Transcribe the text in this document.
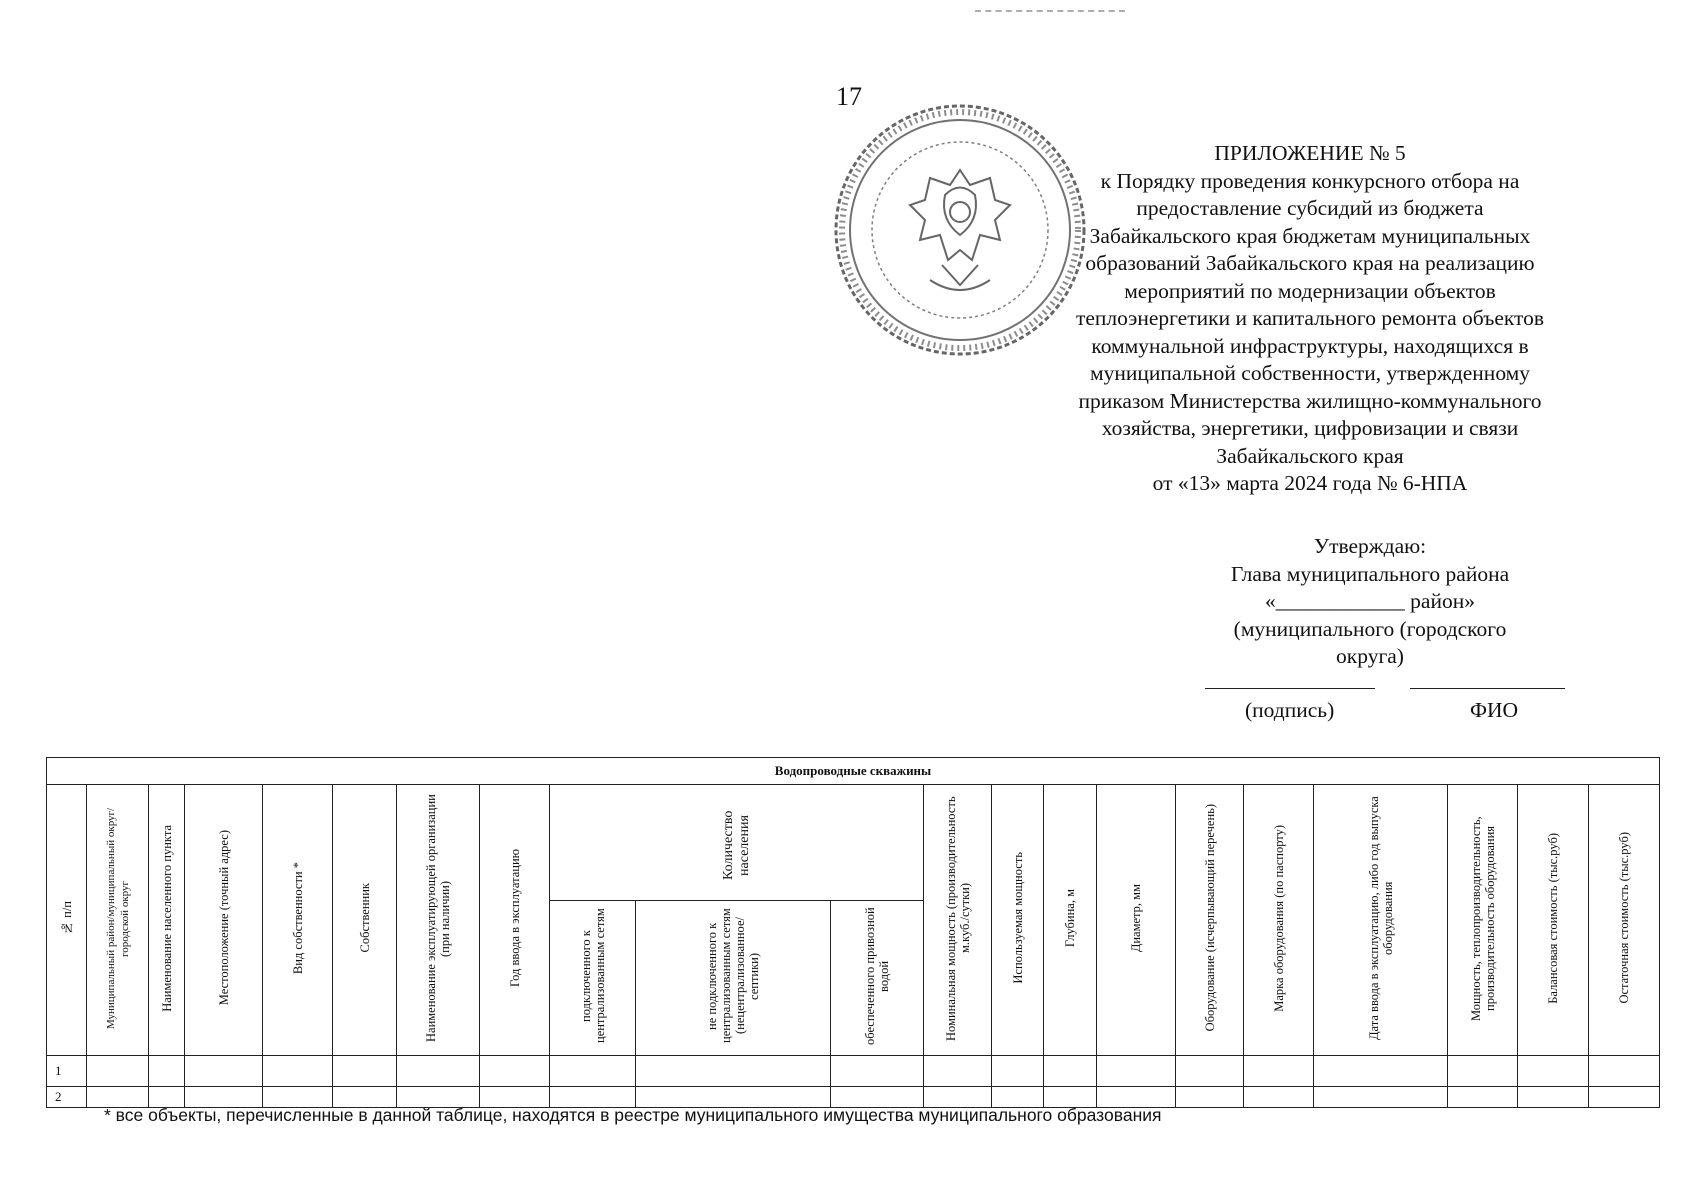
17

ПРИЛОЖЕНИЕ № 5

к Порядку проведения конкурсного отбора на

предоставление субсидий из бюджета

Забайкальского края бюджетам муниципальных

образований Забайкальского края на реализацию

мероприятий по модернизации объектов

теплоэнергетики и капитального ремонта объектов

коммунальной инфраструктуры, находящихся в

муниципальной собственности, утвержденному

приказом Министерства жилищно-коммунального

хозяйства, энергетики, цифровизации и связи

Забайкальского края

от «13» марта 2024 года № 6-НПА

Утверждаю:

Глава муниципального района

«____________ район»

(муниципального (городского

округа)

(подпись)	ФИО
Водопроводные скважины																				
№ п/п	Муниципальный район/муниципальный округ/городской округ	Наименование населенного пункта	Местоположение (точный адрес)	Вид собственности *	Собственник	Наименование эксплуатирующей организации (при наличии)	Год ввода в эксплуатацию	Количество населения			Номинальная мощность (производительность м.куб./сутки)	Используемая мощность	Глубина, м	Диаметр, мм	Оборудование (исчерпывающий перечень)	Марка оборудования (по паспорту)	Дата ввода в эксплуатацию, либо год выпуска оборудования	Мощность, теплопроизводительность, производительность оборудования	Балансовая стоимость (тыс.руб)	Остаточная стоимость (тыс.руб)
								подключенного к централизованным сетям	не подключенного к централизованным сетям (нецентрализованное/септики)	обеспеченного привозной водой										
1																				
2																				
* все объекты, перечисленные в данной таблице, находятся в реестре муниципального имущества муниципального образования
